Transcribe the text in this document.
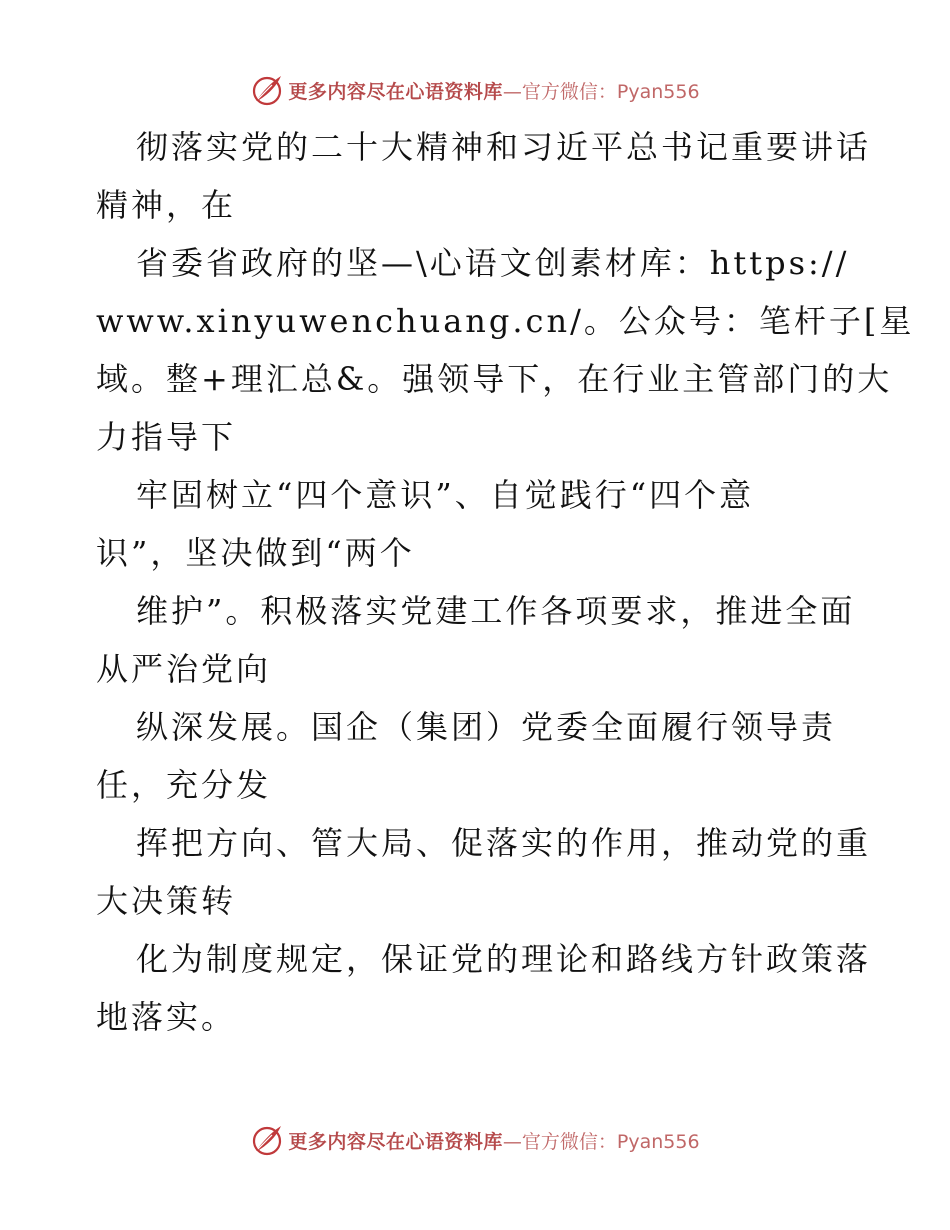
更多内容尽在心语资料库 —官方微信：Pyan556
彻落实党的二十大精神和习近平总书记重要讲话
精神，在
省委省政府的坚—\心语文创素材库：https://
www.xinyuwenchuang.cn/。公众号：笔杆子[星
域。整+理汇总&。强领导下，在行业主管部门的大
力指导下
牢固树立“四个意识”、自觉践行“四个意
识”，坚决做到“两个
维护”。积极落实党建工作各项要求，推进全面
从严治党向
纵深发展。国企（集团）党委全面履行领导责
任，充分发
挥把方向、管大局、促落实的作用，推动党的重
大决策转
化为制度规定，保证党的理论和路线方针政策落
地落实。
更多内容尽在心语资料库 —官方微信：Pyan556
